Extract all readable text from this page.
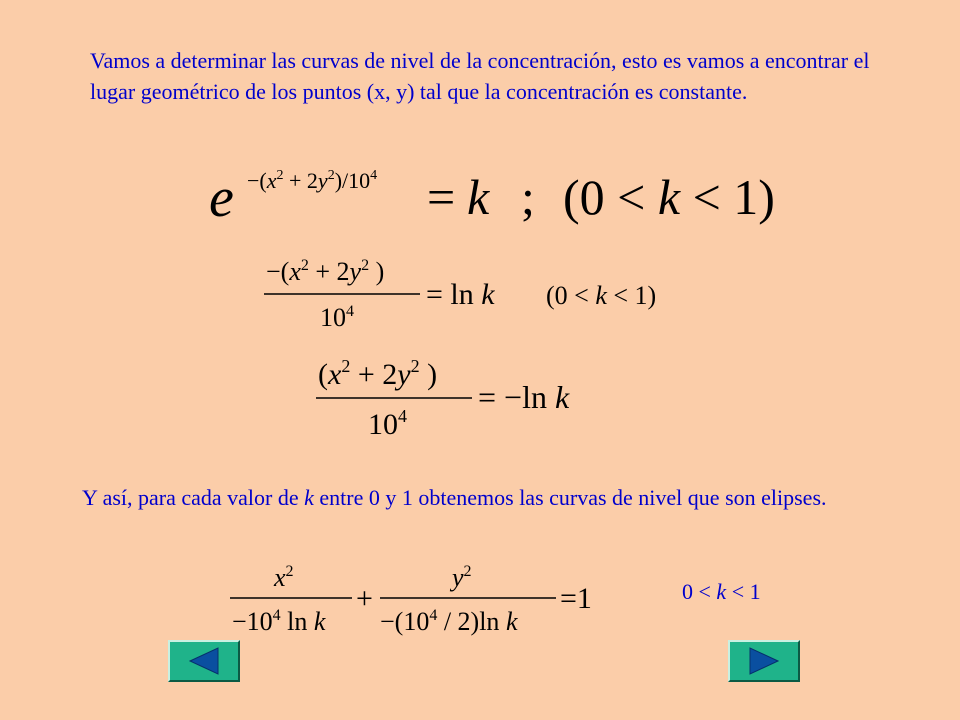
Vamos a determinar las curvas de nivel de la concentración, esto es vamos a encontrar el lugar geométrico de los puntos (x, y) tal que la concentración es constante.

$e -(x^2 + 2y^2)/10^4 = k$ ; (0 < k < 1)
$-(x^2 + 2y^2$ )
$10^4$
= ln k (0 < k < 1)
($x^2 + 2y^2$ )
$10^4$
= −ln k

Y así, para cada valor de k entre 0 y 1 obtenemos las curvas de nivel que son elipses.

$x^2$
$-10^4$ ln k
+
$y^2$
$-(10^4 / 2)\ln$ k
=1	0 < k < 1
